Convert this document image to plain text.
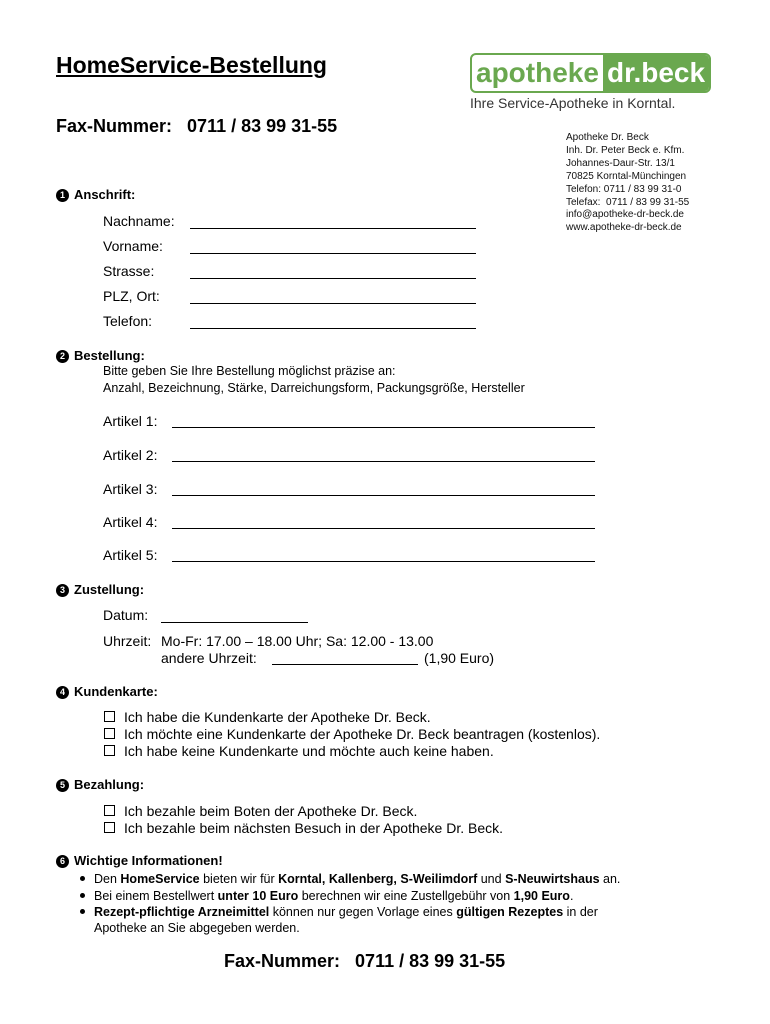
HomeService-Bestellung
Fax-Nummer: 0711 / 83 99 31-55
apotheke dr.beck
Ihre Service-Apotheke in Korntal.
Apotheke Dr. Beck
Inh. Dr. Peter Beck e. Kfm.
Johannes-Daur-Str. 13/1
70825 Korntal-Münchingen
Telefon: 0711 / 83 99 31-0
Telefax:  0711 / 83 99 31-55
info@apotheke-dr-beck.de
www.apotheke-dr-beck.de
1 Anschrift:
Nachname:
Vorname:
Strasse:
PLZ, Ort:
Telefon:
2 Bestellung:
Bitte geben Sie Ihre Bestellung möglichst präzise an:
Anzahl, Bezeichnung, Stärke, Darreichungsform, Packungsgröße, Hersteller
Artikel 1:
Artikel 2:
Artikel 3:
Artikel 4:
Artikel 5:
3 Zustellung:
Datum:
Uhrzeit: Mo-Fr: 17.00 – 18.00 Uhr; Sa: 12.00 - 13.00
andere Uhrzeit:	(1,90 Euro)
4 Kundenkarte:
Ich habe die Kundenkarte der Apotheke Dr. Beck.
Ich möchte eine Kundenkarte der Apotheke Dr. Beck beantragen (kostenlos).
Ich habe keine Kundenkarte und möchte auch keine haben.
5 Bezahlung:
Ich bezahle beim Boten der Apotheke Dr. Beck.
Ich bezahle beim nächsten Besuch in der Apotheke Dr. Beck.
6 Wichtige Informationen!
Den HomeService bieten wir für Korntal, Kallenberg, S-Weilimdorf und S-Neuwirtshaus an.
Bei einem Bestellwert unter 10 Euro berechnen wir eine Zustellgebühr von 1,90 Euro.
Rezept-pflichtige Arzneimittel können nur gegen Vorlage eines gültigen Rezeptes in der
Apotheke an Sie abgegeben werden.
Fax-Nummer: 0711 / 83 99 31-55
